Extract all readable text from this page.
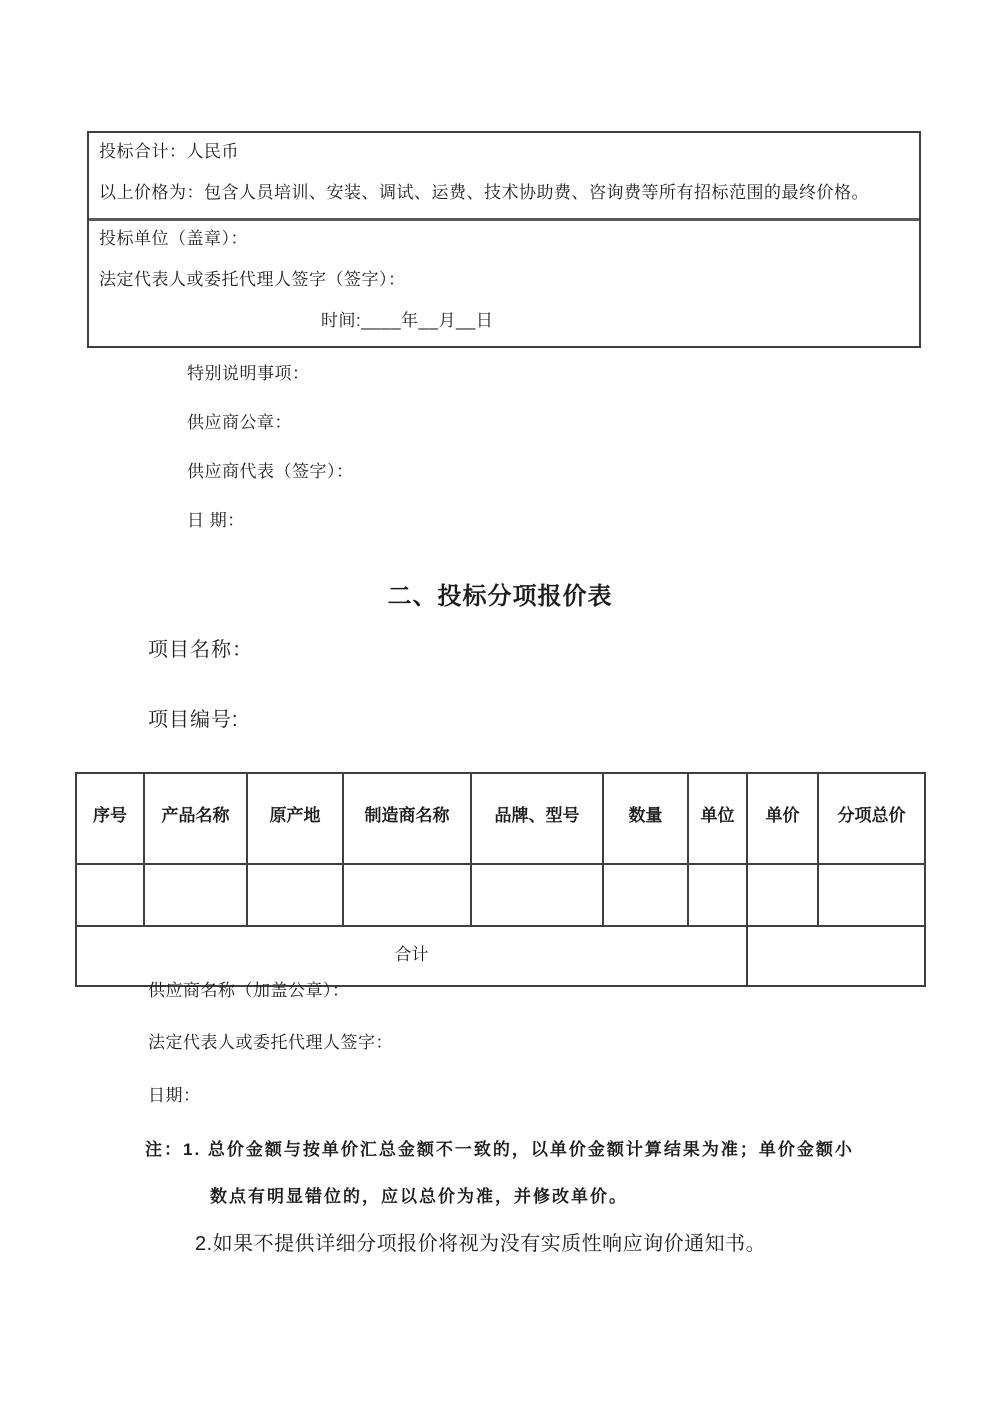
投标合计：人民币
以上价格为：包含人员培训、安装、调试、运费、技术协助费、咨询费等所有招标范围的最终价格。
投标单位（盖章）：
法定代表人或委托代理人签字（签字）：
时间:____年__月__日
特别说明事项：
供应商公章：
供应商代表（签字）：
日 期：
二、投标分项报价表
项目名称：
项目编号:
序号	产品名称	原产地	制造商名称	品牌、型号	数量	单位	单价	分项总价

合计								
供应商名称（加盖公章）：
法定代表人或委托代理人签字：
日期：
注：1. 总价金额与按单价汇总金额不一致的，以单价金额计算结果为准；单价金额小
数点有明显错位的，应以总价为准，并修改单价。
2.如果不提供详细分项报价将视为没有实质性响应询价通知书。
